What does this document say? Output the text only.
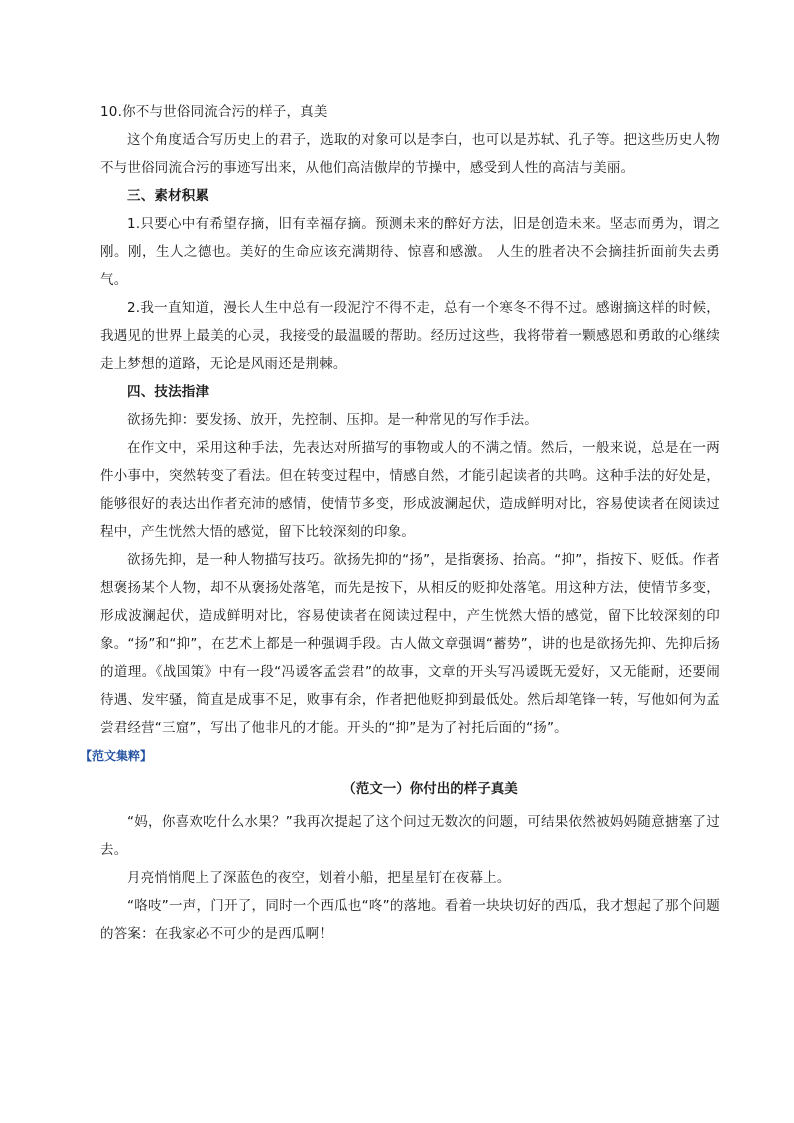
10.你不与世俗同流合污的样子，真美

这个角度适合写历史上的君子，选取的对象可以是李白，也可以是苏轼、孔子等。把这些历史人物不与世俗同流合污的事迹写出来，从他们高洁傲岸的节操中，感受到人性的高洁与美丽。

三、素材积累

1.只要心中有希望存摘，旧有幸福存摘。预测未来的醉好方法，旧是创造未来。坚志而勇为，谓之刚。刚，生人之德也。美好的生命应该充满期待、惊喜和感激。 人生的胜者决不会摘挂折面前失去勇气。

2.我一直知道，漫长人生中总有一段泥泞不得不走，总有一个寒冬不得不过。感谢摘这样的时候，我遇见的世界上最美的心灵，我接受的最温暖的帮助。经历过这些，我将带着一颗感恩和勇敢的心继续走上梦想的道路，无论是风雨还是荆棘。

四、技法指津

欲扬先抑：要发扬、放开，先控制、压抑。是一种常见的写作手法。

在作文中，采用这种手法，先表达对所描写的事物或人的不满之情。然后，一般来说，总是在一两件小事中，突然转变了看法。但在转变过程中，情感自然，才能引起读者的共鸣。这种手法的好处是，能够很好的表达出作者充沛的感情，使情节多变，形成波澜起伏，造成鲜明对比，容易使读者在阅读过程中，产生恍然大悟的感觉，留下比较深刻的印象。

欲扬先抑，是一种人物描写技巧。欲扬先抑的“扬”，是指褒扬、抬高。“抑”，指按下、贬低。作者想褒扬某个人物，却不从褒扬处落笔，而先是按下，从相反的贬抑处落笔。用这种方法，使情节多变，形成波澜起伏，造成鲜明对比，容易使读者在阅读过程中，产生恍然大悟的感觉，留下比较深刻的印象。“扬”和“抑”，在艺术上都是一种强调手段。古人做文章强调“蓄势”，讲的也是欲扬先抑、先抑后扬的道理。《战国策》中有一段“冯谖客孟尝君”的故事，文章的开头写冯谖既无爱好，又无能耐，还要闹待遇、发牢骚，简直是成事不足，败事有余，作者把他贬抑到最低处。然后却笔锋一转，写他如何为孟尝君经营“三窟”，写出了他非凡的才能。开头的“抑”是为了衬托后面的“扬”。

【范文集粹】
（范文一）你付出的样子真美

“妈，你喜欢吃什么水果？”我再次提起了这个问过无数次的问题，可结果依然被妈妈随意搪塞了过去。

月亮悄悄爬上了深蓝色的夜空，划着小船，把星星钉在夜幕上。

“咯吱”一声，门开了，同时一个西瓜也“咚”的落地。看着一块块切好的西瓜，我才想起了那个问题的答案：在我家必不可少的是西瓜啊！
